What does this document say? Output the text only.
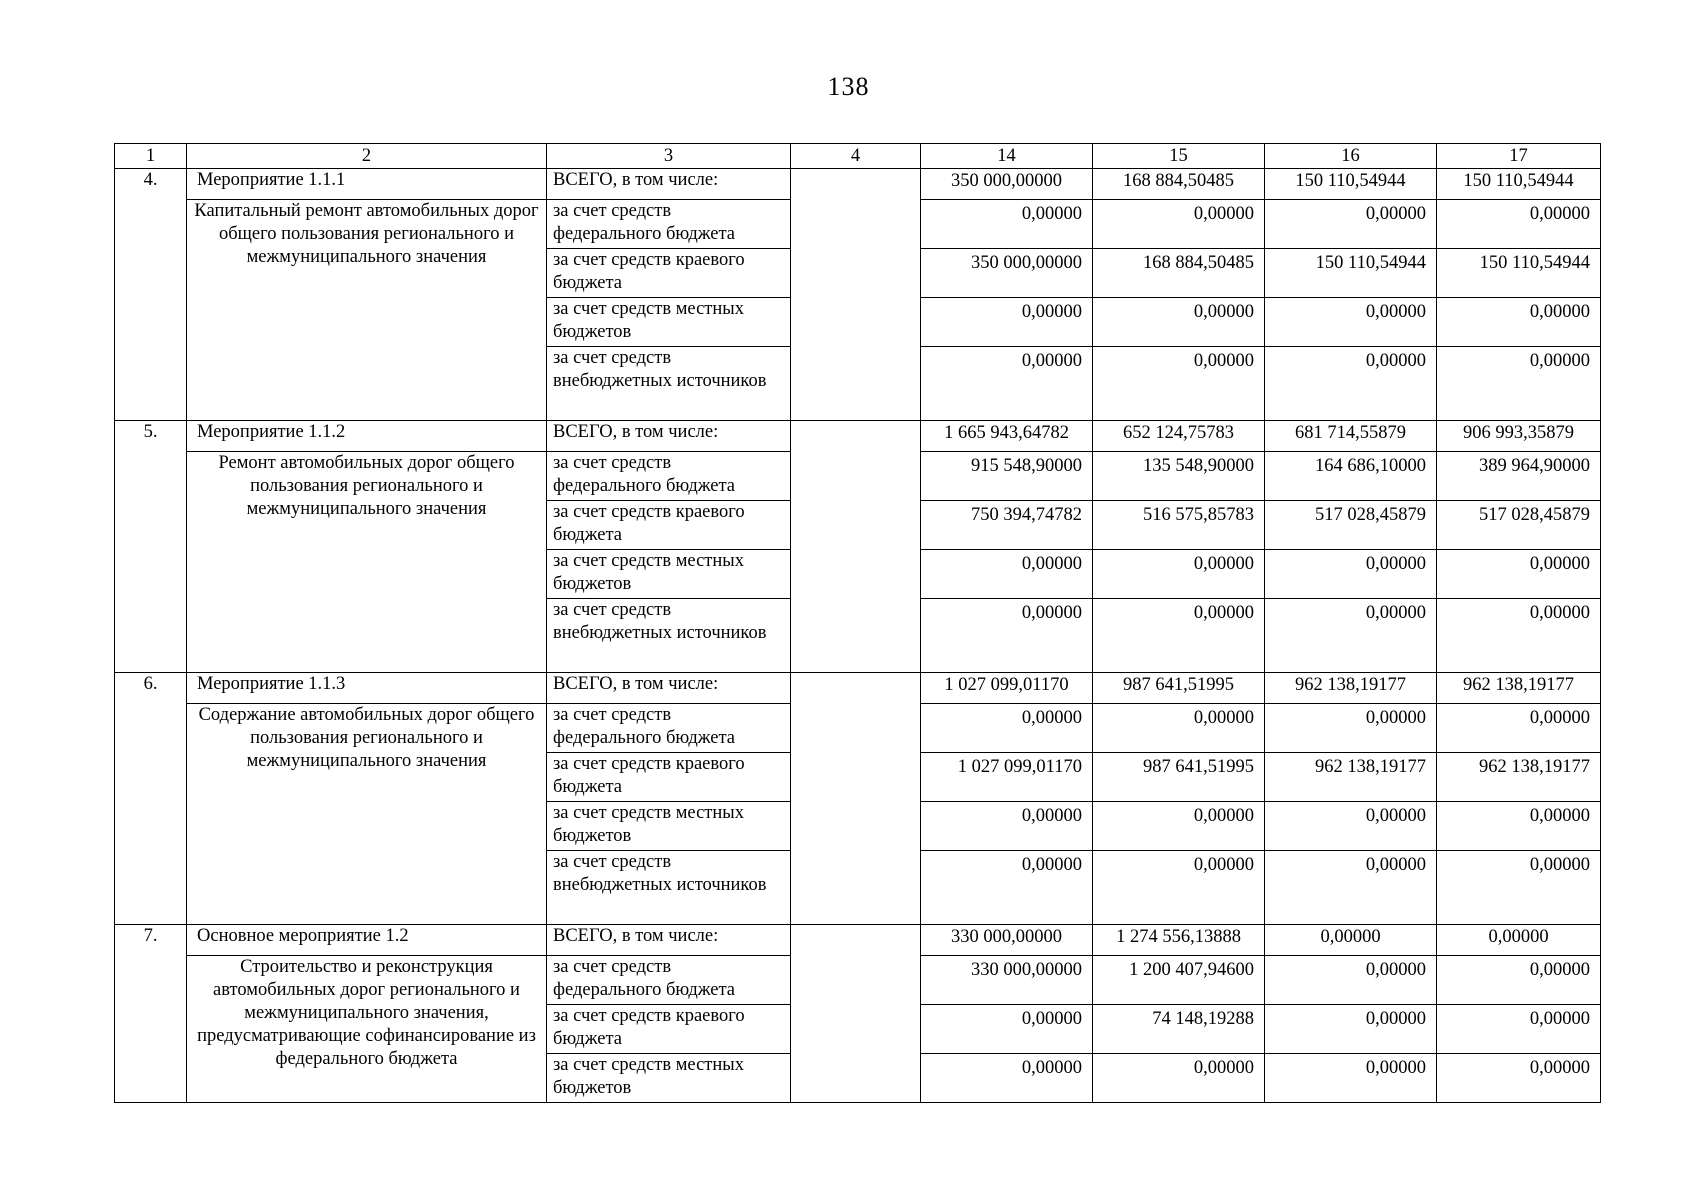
138
1	2	3	4	14	15	16	17
4.	Мероприятие 1.1.1	ВСЕГО, в том числе:		350 000,00000	168 884,50485	150 110,54944	150 110,54944
	Капитальный ремонт автомобильных дорог общего пользования регионального и межмуниципального значения	за счет средств федерального бюджета		0,00000	0,00000	0,00000	0,00000
		за счет средств краевого бюджета		350 000,00000	168 884,50485	150 110,54944	150 110,54944
		за счет средств местных бюджетов		0,00000	0,00000	0,00000	0,00000
		за счет средств внебюджетных источников		0,00000	0,00000	0,00000	0,00000
5.	Мероприятие 1.1.2	ВСЕГО, в том числе:		1 665 943,64782	652 124,75783	681 714,55879	906 993,35879
	Ремонт автомобильных дорог общего пользования регионального и межмуниципального значения	за счет средств федерального бюджета		915 548,90000	135 548,90000	164 686,10000	389 964,90000
		за счет средств краевого бюджета		750 394,74782	516 575,85783	517 028,45879	517 028,45879
		за счет средств местных бюджетов		0,00000	0,00000	0,00000	0,00000
		за счет средств внебюджетных источников		0,00000	0,00000	0,00000	0,00000
6.	Мероприятие 1.1.3	ВСЕГО, в том числе:		1 027 099,01170	987 641,51995	962 138,19177	962 138,19177
	Содержание автомобильных дорог общего пользования регионального и межмуниципального значения	за счет средств федерального бюджета		0,00000	0,00000	0,00000	0,00000
		за счет средств краевого бюджета		1 027 099,01170	987 641,51995	962 138,19177	962 138,19177
		за счет средств местных бюджетов		0,00000	0,00000	0,00000	0,00000
		за счет средств внебюджетных источников		0,00000	0,00000	0,00000	0,00000
7.	Основное мероприятие 1.2	ВСЕГО, в том числе:		330 000,00000	1 274 556,13888	0,00000	0,00000
	Строительство и реконструкция автомобильных дорог регионального и межмуниципального значения, предусматривающие софинансирование из федерального бюджета	за счет средств федерального бюджета		330 000,00000	1 200 407,94600	0,00000	0,00000
		за счет средств краевого бюджета		0,00000	74 148,19288	0,00000	0,00000
		за счет средств местных бюджетов		0,00000	0,00000	0,00000	0,00000
